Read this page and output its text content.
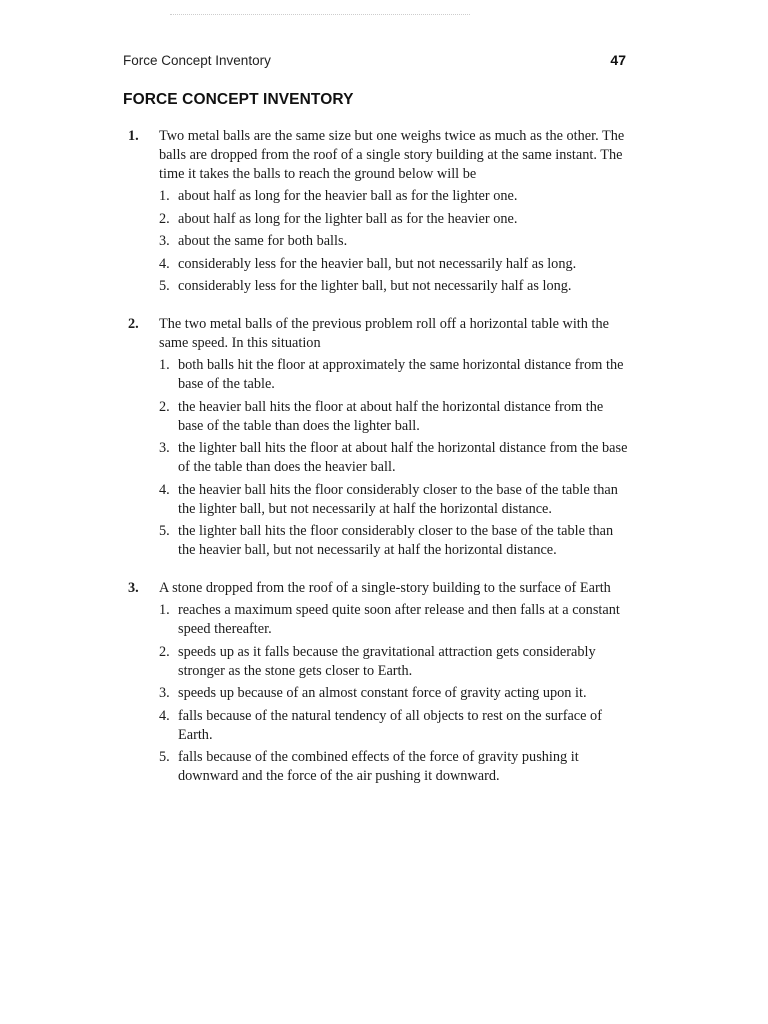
Force Concept Inventory	47
FORCE CONCEPT INVENTORY
1. Two metal balls are the same size but one weighs twice as much as the other. The balls are dropped from the roof of a single story building at the same instant. The time it takes the balls to reach the ground below will be
1. about half as long for the heavier ball as for the lighter one.
2. about half as long for the lighter ball as for the heavier one.
3. about the same for both balls.
4. considerably less for the heavier ball, but not necessarily half as long.
5. considerably less for the lighter ball, but not necessarily half as long.
2. The two metal balls of the previous problem roll off a horizontal table with the same speed. In this situation
1. both balls hit the floor at approximately the same horizontal distance from the base of the table.
2. the heavier ball hits the floor at about half the horizontal distance from the base of the table than does the lighter ball.
3. the lighter ball hits the floor at about half the horizontal distance from the base of the table than does the heavier ball.
4. the heavier ball hits the floor considerably closer to the base of the table than the lighter ball, but not necessarily at half the horizontal distance.
5. the lighter ball hits the floor considerably closer to the base of the table than the heavier ball, but not necessarily at half the horizontal distance.
3. A stone dropped from the roof of a single-story building to the surface of Earth
1. reaches a maximum speed quite soon after release and then falls at a constant speed thereafter.
2. speeds up as it falls because the gravitational attraction gets considerably stronger as the stone gets closer to Earth.
3. speeds up because of an almost constant force of gravity acting upon it.
4. falls because of the natural tendency of all objects to rest on the surface of Earth.
5. falls because of the combined effects of the force of gravity pushing it downward and the force of the air pushing it downward.
